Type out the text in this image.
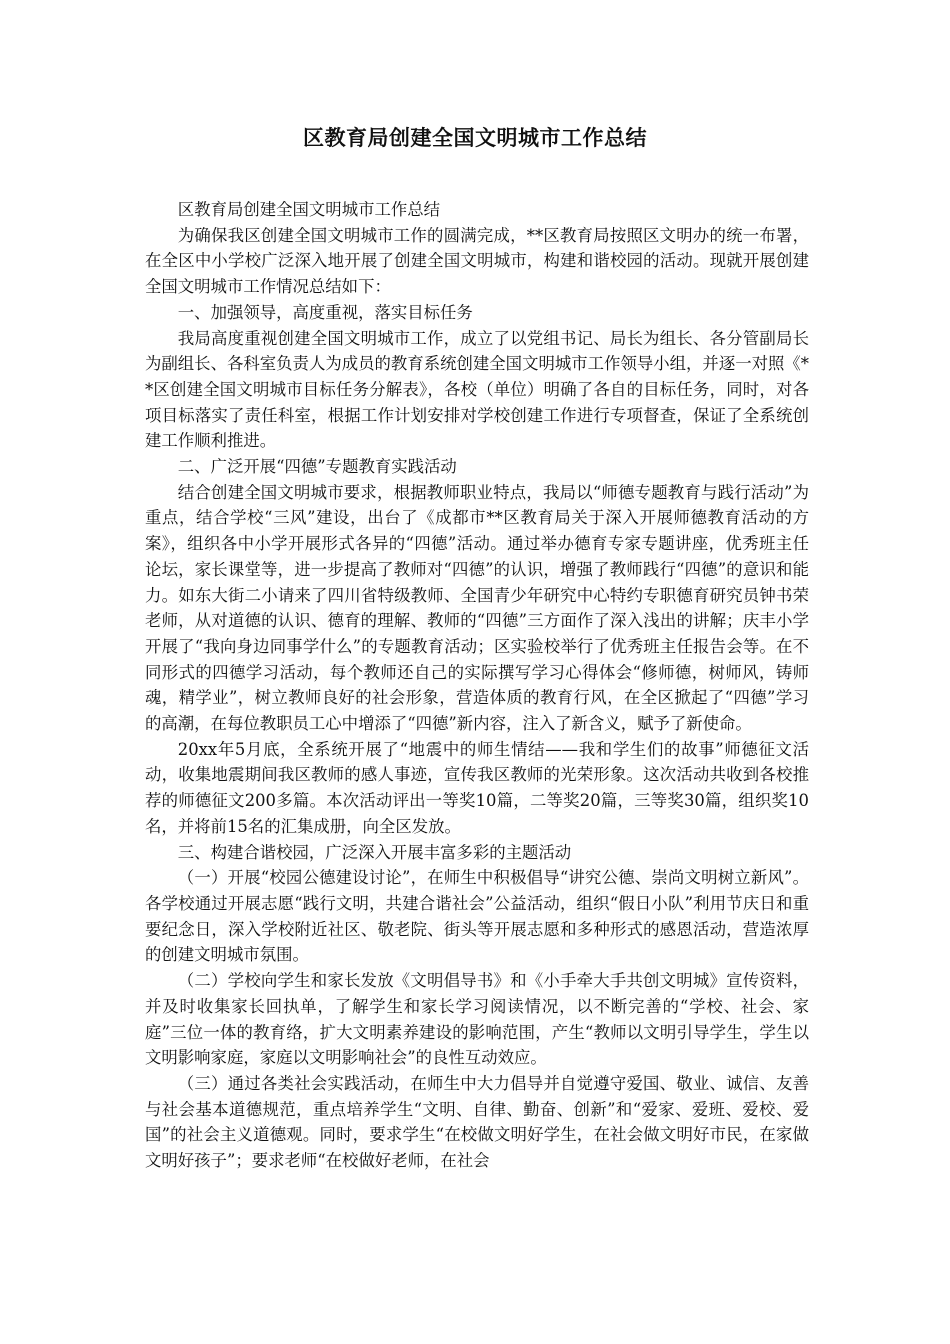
区教育局创建全国文明城市工作总结

区教育局创建全国文明城市工作总结

为确保我区创建全国文明城市工作的圆满完成，**区教育局按照区文明办的统一布署，在全区中小学校广泛深入地开展了创建全国文明城市，构建和谐校园的活动。现就开展创建全国文明城市工作情况总结如下：

一、加强领导，高度重视，落实目标任务

我局高度重视创建全国文明城市工作，成立了以党组书记、局长为组长、各分管副局长为副组长、各科室负责人为成员的教育系统创建全国文明城市工作领导小组，并逐一对照《**区创建全国文明城市目标任务分解表》，各校（单位）明确了各自的目标任务，同时，对各项目标落实了责任科室，根据工作计划安排对学校创建工作进行专项督查，保证了全系统创建工作顺利推进。

二、广泛开展“四德”专题教育实践活动

结合创建全国文明城市要求，根据教师职业特点，我局以“师德专题教育与践行活动”为重点，结合学校“三风”建设，出台了《成都市**区教育局关于深入开展师德教育活动的方案》，组织各中小学开展形式各异的“四德”活动。通过举办德育专家专题讲座，优秀班主任论坛，家长课堂等，进一步提高了教师对“四德”的认识，增强了教师践行“四德”的意识和能力。如东大街二小请来了四川省特级教师、全国青少年研究中心特约专职德育研究员钟书荣老师，从对道德的认识、德育的理解、教师的“四德”三方面作了深入浅出的讲解；庆丰小学开展了“我向身边同事学什么”的专题教育活动；区实验校举行了优秀班主任报告会等。在不同形式的四德学习活动，每个教师还自己的实际撰写学习心得体会“修师德，树师风，铸师魂，精学业”，树立教师良好的社会形象，营造体质的教育行风，在全区掀起了“四德”学习的高潮，在每位教职员工心中增添了“四德”新内容，注入了新含义，赋予了新使命。

20xx年5月底，全系统开展了“地震中的师生情结——我和学生们的故事”师德征文活动，收集地震期间我区教师的感人事迹，宣传我区教师的光荣形象。这次活动共收到各校推荐的师德征文200多篇。本次活动评出一等奖10篇，二等奖20篇，三等奖30篇，组织奖10名，并将前15名的汇集成册，向全区发放。

三、构建合谐校园，广泛深入开展丰富多彩的主题活动

（一）开展“校园公德建设讨论”，在师生中积极倡导“讲究公德、崇尚文明树立新风”。各学校通过开展志愿“践行文明，共建合谐社会”公益活动，组织“假日小队”利用节庆日和重要纪念日，深入学校附近社区、敬老院、街头等开展志愿和多种形式的感恩活动，营造浓厚的创建文明城市氛围。

（二）学校向学生和家长发放《文明倡导书》和《小手牵大手共创文明城》宣传资料，并及时收集家长回执单，了解学生和家长学习阅读情况，以不断完善的“学校、社会、家庭”三位一体的教育络，扩大文明素养建设的影响范围，产生“教师以文明引导学生，学生以文明影响家庭，家庭以文明影响社会”的良性互动效应。

（三）通过各类社会实践活动，在师生中大力倡导并自觉遵守爱国、敬业、诚信、友善与社会基本道德规范，重点培养学生“文明、自律、勤奋、创新”和“爱家、爱班、爱校、爱国”的社会主义道德观。同时，要求学生“在校做文明好学生，在社会做文明好市民，在家做文明好孩子”；要求老师“在校做好老师，在社会
